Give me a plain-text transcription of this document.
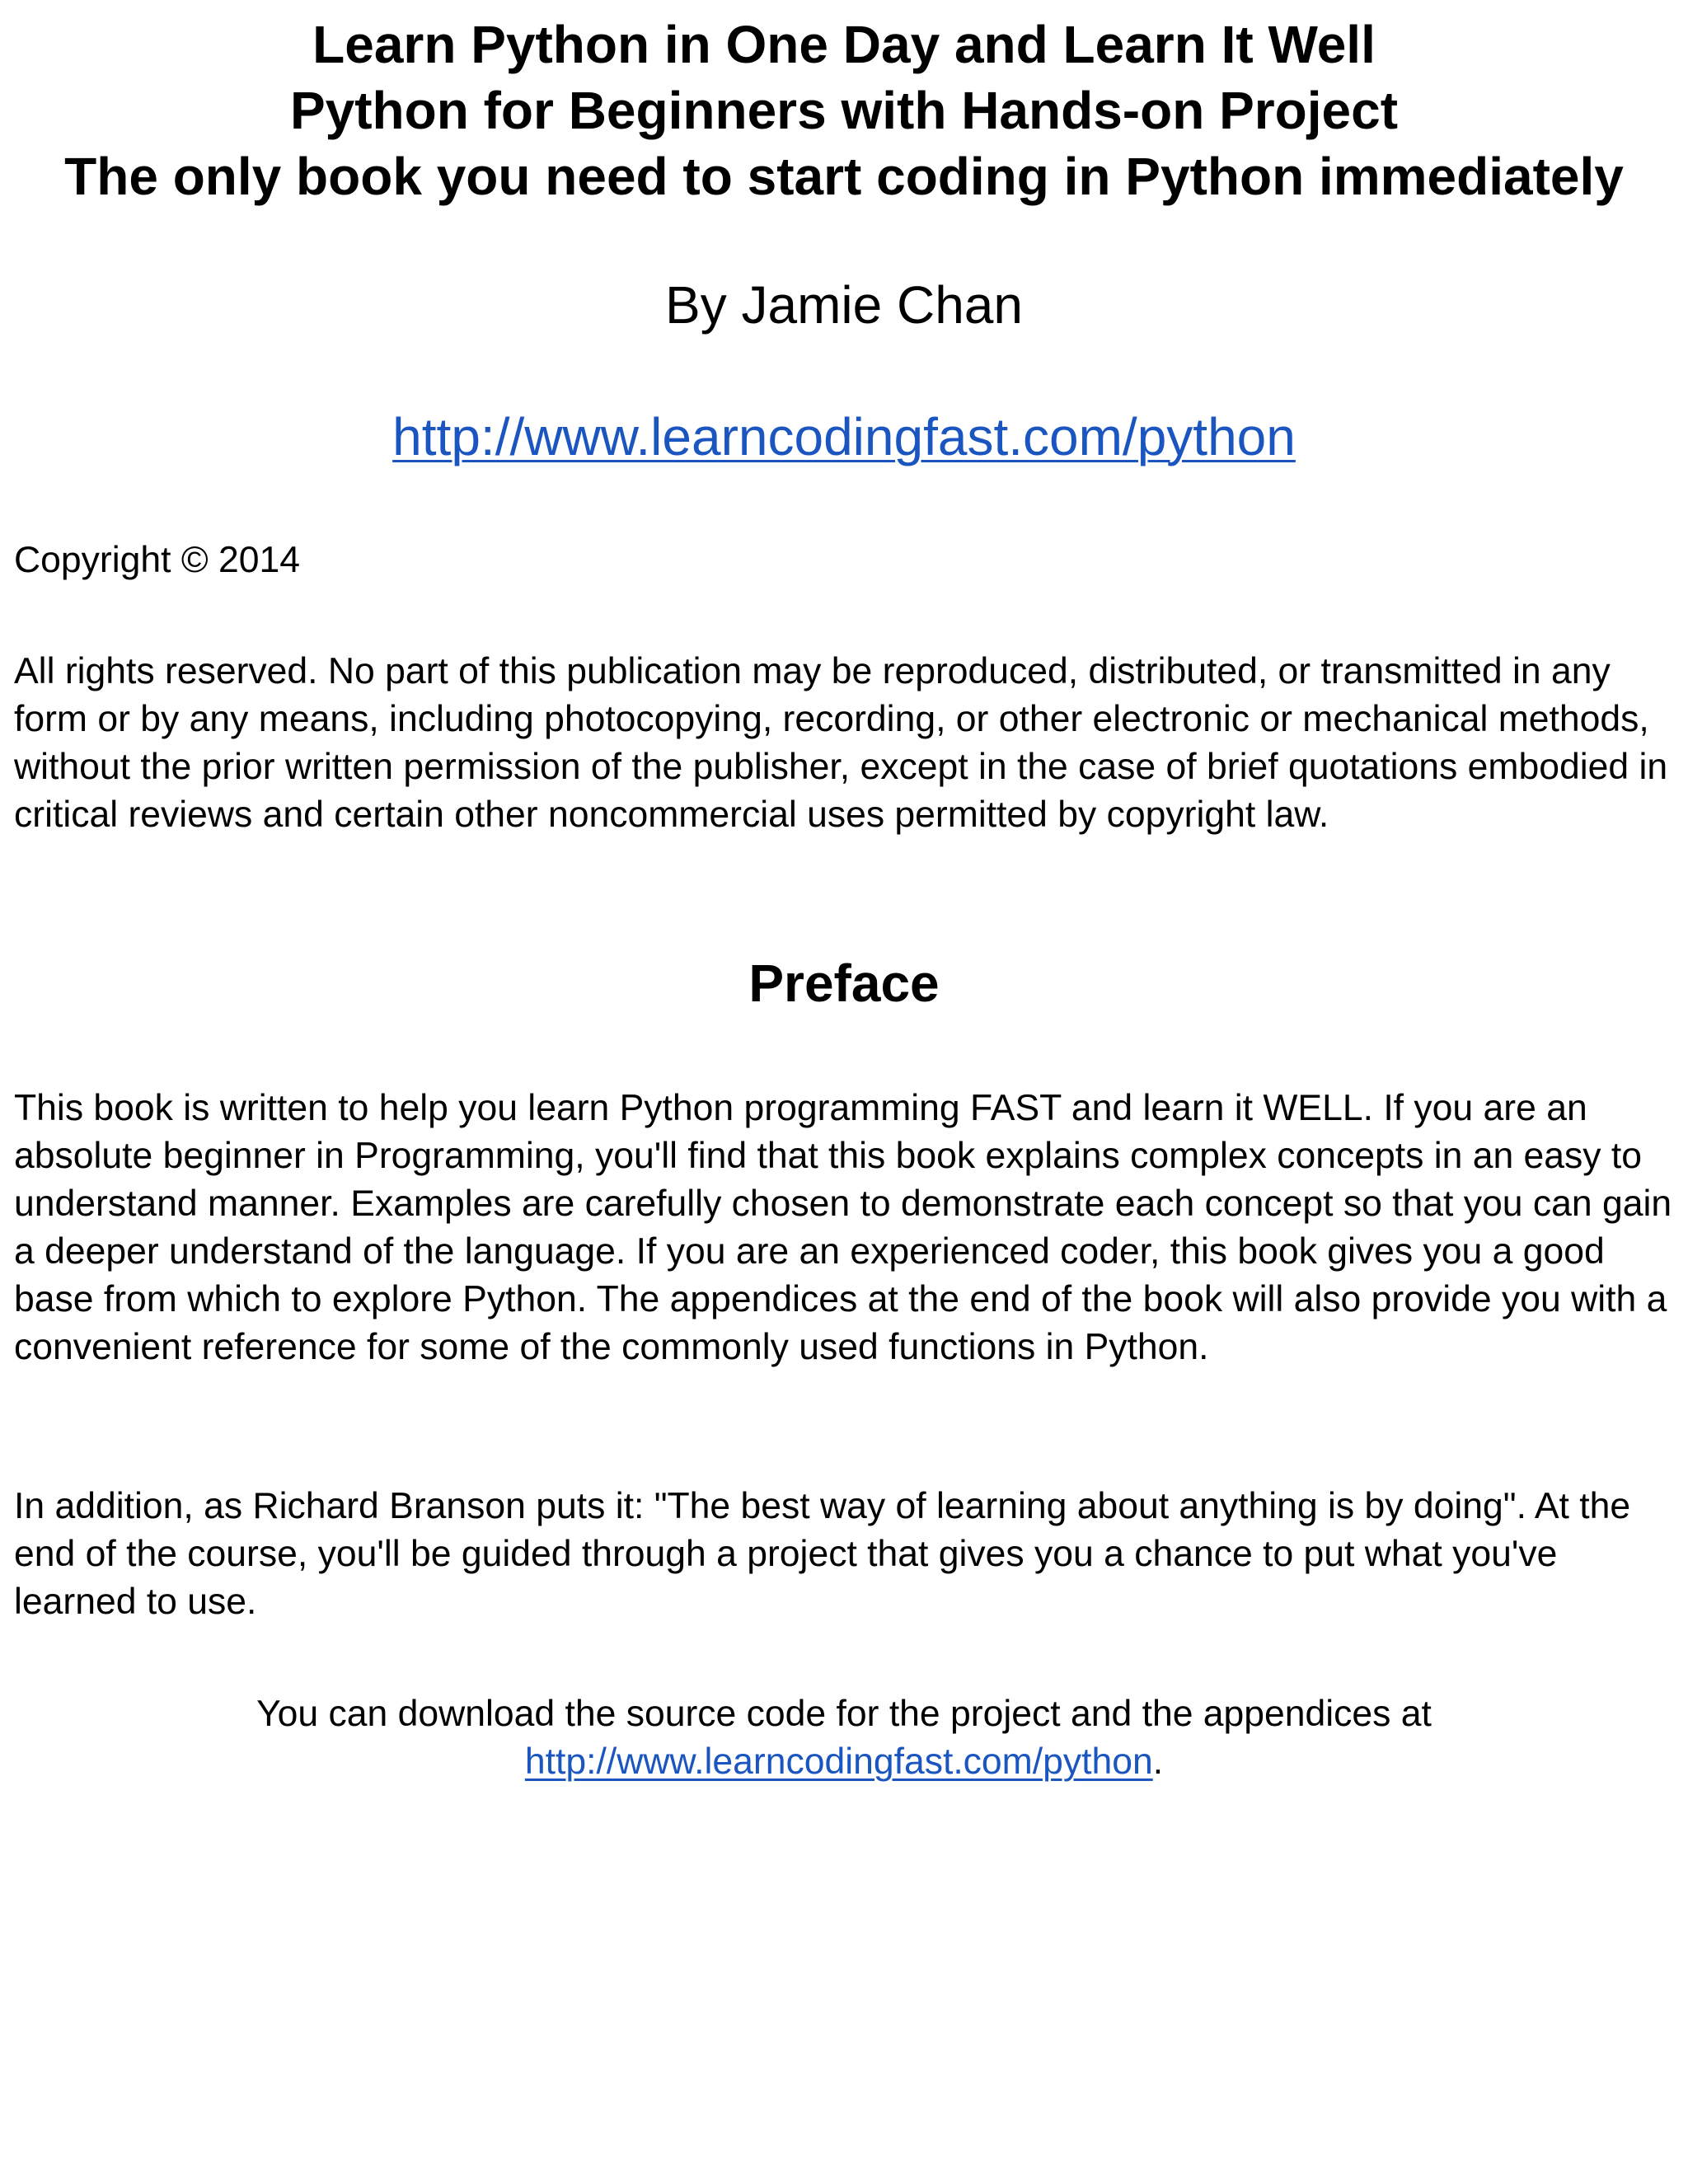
Learn Python in One Day and Learn It Well
Python for Beginners with Hands-on Project
The only book you need to start coding in Python immediately
By Jamie Chan
http://www.learncodingfast.com/python
Copyright © 2014
All rights reserved. No part of this publication may be reproduced, distributed, or transmitted in any form or by any means, including photocopying, recording, or other electronic or mechanical methods, without the prior written permission of the publisher, except in the case of brief quotations embodied in critical reviews and certain other noncommercial uses permitted by copyright law.
Preface
This book is written to help you learn Python programming FAST and learn it WELL. If you are an absolute beginner in Programming, you'll find that this book explains complex concepts in an easy to understand manner. Examples are carefully chosen to demonstrate each concept so that you can gain a deeper understand of the language. If you are an experienced coder, this book gives you a good base from which to explore Python. The appendices at the end of the book will also provide you with a convenient reference for some of the commonly used functions in Python.
In addition, as Richard Branson puts it: "The best way of learning about anything is by doing". At the end of the course, you'll be guided through a project that gives you a chance to put what you've learned to use.
You can download the source code for the project and the appendices at
http://www.learncodingfast.com/python.
